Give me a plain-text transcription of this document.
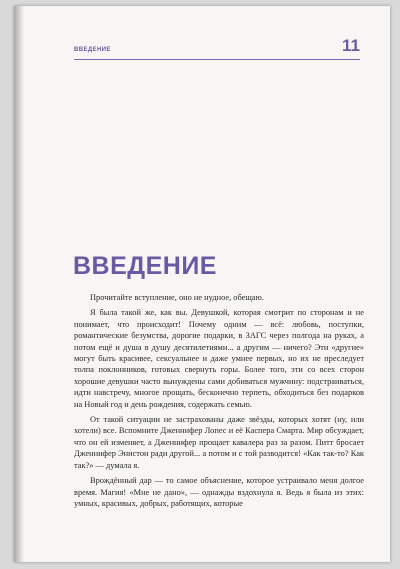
ВВЕДЕНИЕ	11
ВВЕДЕНИЕ

Прочитайте вступление, оно не нудное, обещаю.

Я была такой же, как вы. Девушкой, которая смотрит по сторонам и не понимает, что происходит! Почему одним — всё: любовь, поступки, романтические безумства, дорогие подарки, в ЗАГС через полгода на руках, а потом ещё и душа в душу десятилетиями... а другим — ничего? Эти «другие» могут быть красивее, сексуальнее и даже умнее первых, но их не преследует толпа поклонников, готовых свернуть горы. Более того, эти со всех сторон хорошие девушки часто вынуждены сами добиваться мужчину: подстраиваться, идти навстречу, многое прощать, бесконечно терпеть, обходиться без подарков на Новый год и день рождения, содержать семью.

От такой ситуации не застрахованы даже звёзды, которых хотят (ну, или хотели) все. Вспомните Дженнифер Лопес и её Каспера Смарта. Мир обсуждает, что он ей изменяет, а Дженнифер прощает кавалера раз за разом. Питт бросает Дженнифер Энистон ради другой... а потом и с той разводится! «Как так-то? Как так?» — думала я.

Врождённый дар — то самое объяснение, которое устраивало меня долгое время. Магия! «Мне не дано», — однажды вздохнула я. Ведь я была из этих: умных, красивых, добрых, работящих, которые
